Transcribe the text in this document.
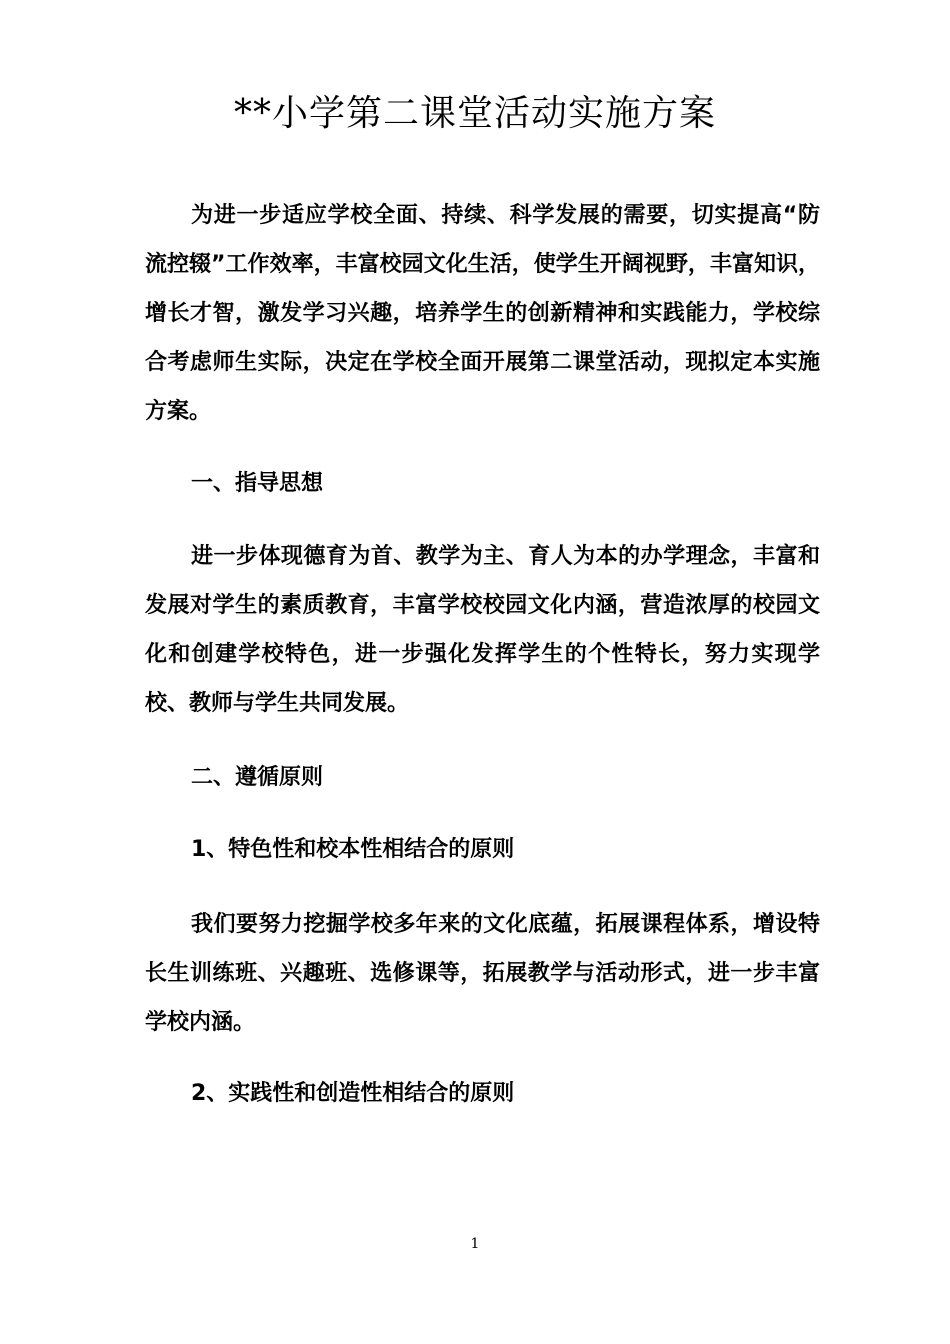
**小学第二课堂活动实施方案

为进一步适应学校全面、持续、科学发展的需要，切实提高“防流控辍”工作效率，丰富校园文化生活，使学生开阔视野，丰富知识，增长才智，激发学习兴趣，培养学生的创新精神和实践能力，学校综合考虑师生实际，决定在学校全面开展第二课堂活动，现拟定本实施方案。

一、指导思想

进一步体现德育为首、教学为主、育人为本的办学理念，丰富和发展对学生的素质教育，丰富学校校园文化内涵，营造浓厚的校园文化和创建学校特色，进一步强化发挥学生的个性特长，努力实现学校、教师与学生共同发展。

二、遵循原则

1、特色性和校本性相结合的原则

我们要努力挖掘学校多年来的文化底蕴，拓展课程体系，增设特长生训练班、兴趣班、选修课等，拓展教学与活动形式，进一步丰富学校内涵。

2、实践性和创造性相结合的原则

1
